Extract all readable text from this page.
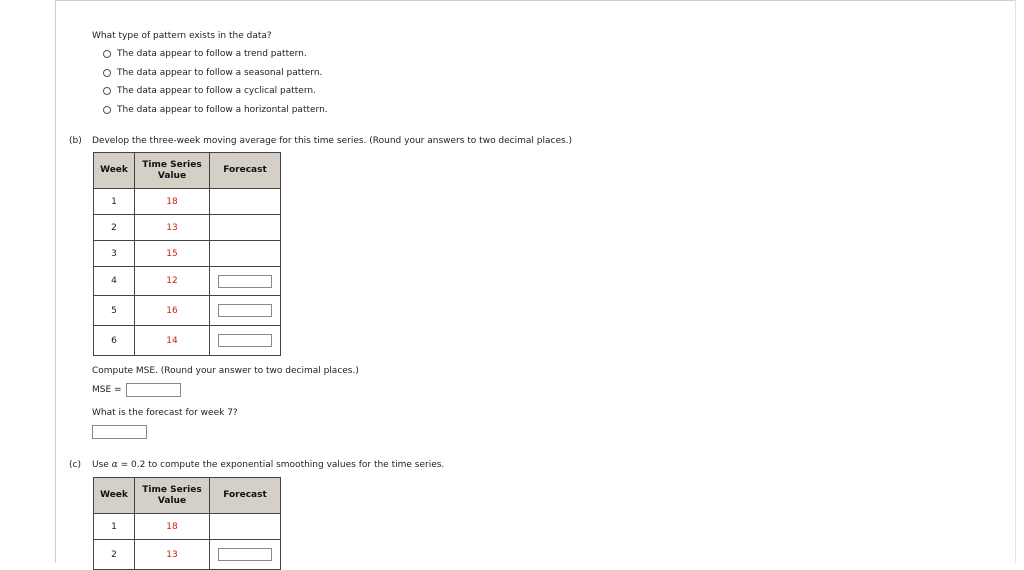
What type of pattern exists in the data?
The data appear to follow a trend pattern.
The data appear to follow a seasonal pattern.
The data appear to follow a cyclical pattern.
The data appear to follow a horizontal pattern.
(b) Develop the three-week moving average for this time series. (Round your answers to two decimal places.)
Week	Time Series Value	Forecast
1	18	
2	13	
3	15	
4	12	
5	16	
6	14	
Compute MSE. (Round your answer to two decimal places.)
MSE =
What is the forecast for week 7?
(c) Use α = 0.2 to compute the exponential smoothing values for the time series.
Week	Time Series Value	Forecast
1	18	
2	13	
